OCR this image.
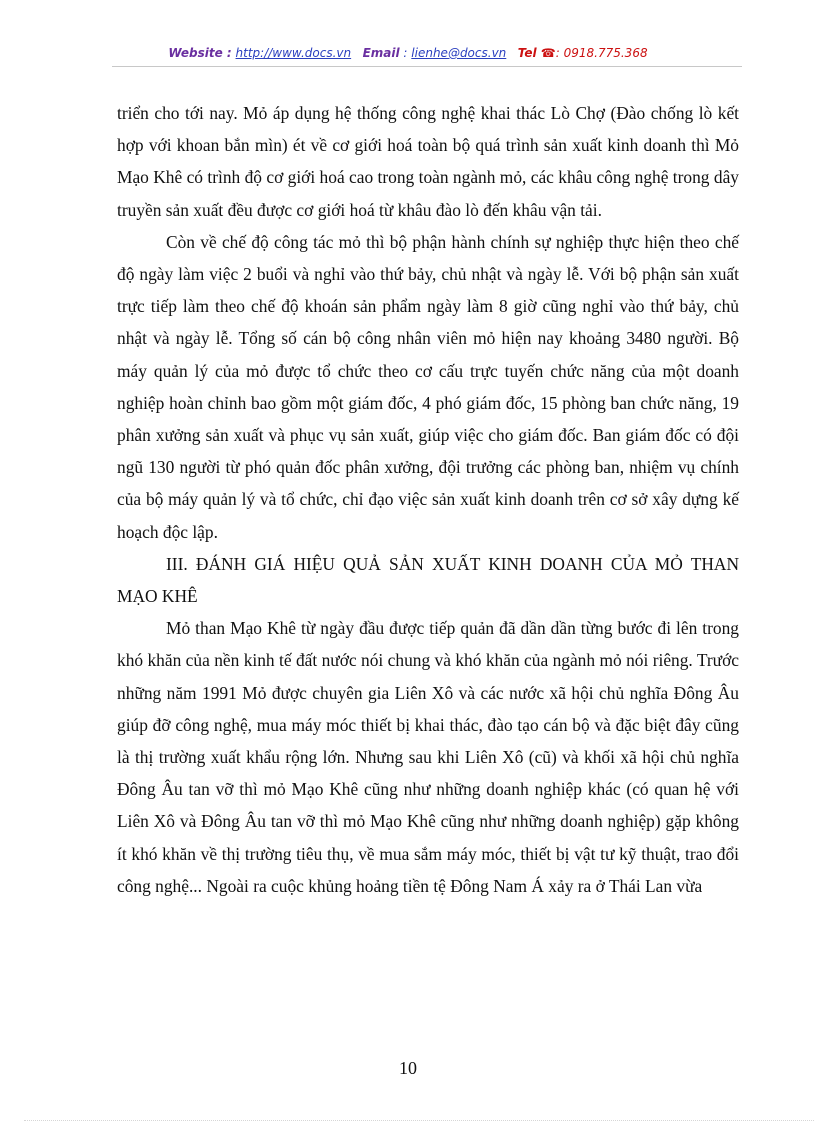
Website : http://www.docs.vn Email : lienhe@docs.vn Tel ☎: 0918.775.368

triển cho tới nay. Mỏ áp dụng hệ thống công nghệ khai thác Lò Chợ (Đào chống lò kết hợp với khoan bắn mìn) ét về cơ giới hoá toàn bộ quá trình sản xuất kinh doanh thì Mỏ Mạo Khê có trình độ cơ giới hoá cao trong toàn ngành mỏ, các khâu công nghệ trong dây truyền sản xuất đều được cơ giới hoá từ khâu đào lò đến khâu vận tải.

Còn về chế độ công tác mỏ thì bộ phận hành chính sự nghiệp thực hiện theo chế độ ngày làm việc 2 buổi và nghỉ vào thứ bảy, chủ nhật và ngày lễ. Với bộ phận sản xuất trực tiếp làm theo chế độ khoán sản phẩm ngày làm 8 giờ cũng nghỉ vào thứ bảy, chủ nhật và ngày lễ. Tổng số cán bộ công nhân viên mỏ hiện nay khoảng 3480 người. Bộ máy quản lý của mỏ được tổ chức theo cơ cấu trực tuyến chức năng của một doanh nghiệp hoàn chỉnh bao gồm một giám đốc, 4 phó giám đốc, 15 phòng ban chức năng, 19 phân xưởng sản xuất và phục vụ sản xuất, giúp việc cho giám đốc. Ban giám đốc có đội ngũ 130 người từ phó quản đốc phân xưởng, đội trưởng các phòng ban, nhiệm vụ chính của bộ máy quản lý và tổ chức, chỉ đạo việc sản xuất kinh doanh trên cơ sở xây dựng kế hoạch độc lập.

III. ĐÁNH GIÁ HIỆU QUẢ SẢN XUẤT KINH DOANH CỦA MỎ THAN MẠO KHÊ

Mỏ than Mạo Khê từ ngày đầu được tiếp quản đã dần dần từng bước đi lên trong khó khăn của nền kinh tế đất nước nói chung và khó khăn của ngành mỏ nói riêng. Trước những năm 1991 Mỏ được chuyên gia Liên Xô và các nước xã hội chủ nghĩa Đông Âu giúp đỡ công nghệ, mua máy móc thiết bị khai thác, đào tạo cán bộ và đặc biệt đây cũng là thị trường xuất khẩu rộng lớn. Nhưng sau khi Liên Xô (cũ) và khối xã hội chủ nghĩa Đông Âu tan vỡ thì mỏ Mạo Khê cũng như những doanh nghiệp khác (có quan hệ với Liên Xô và Đông Âu tan vỡ thì mỏ Mạo Khê cũng như những doanh nghiệp) gặp không ít khó khăn về thị trường tiêu thụ, về mua sắm máy móc, thiết bị vật tư kỹ thuật, trao đổi công nghệ... Ngoài ra cuộc khủng hoảng tiền tệ Đông Nam Á xảy ra ở Thái Lan vừa

10
